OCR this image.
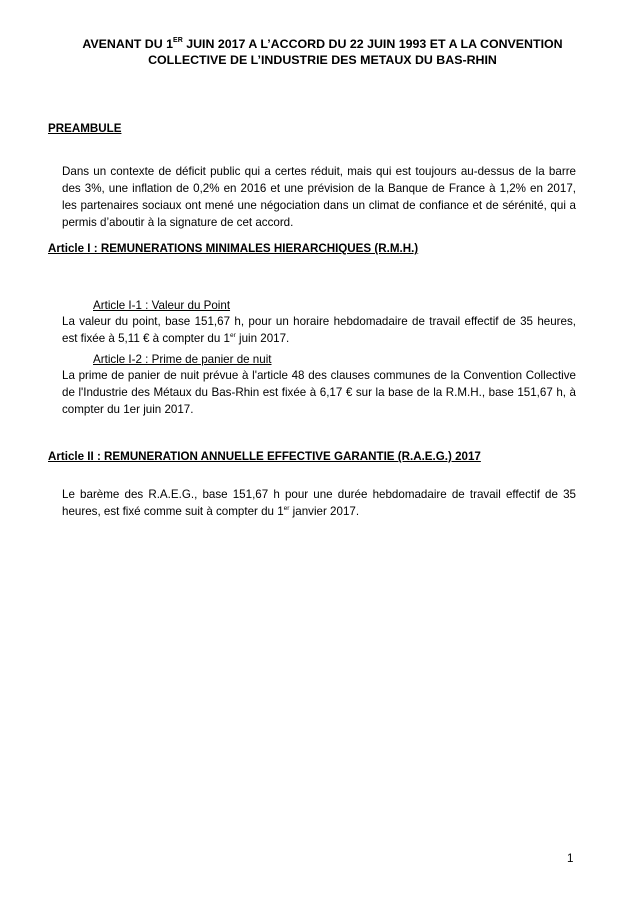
AVENANT DU 1ER JUIN 2017 A L’ACCORD DU 22 JUIN 1993 ET A LA CONVENTION
COLLECTIVE DE L’INDUSTRIE DES METAUX DU BAS-RHIN
PREAMBULE

Dans un contexte de déficit public qui a certes réduit, mais qui est toujours au-dessus de la barre des 3%, une inflation de 0,2% en 2016 et une prévision de la Banque de France à 1,2% en 2017, les partenaires sociaux ont mené une négociation dans un climat de confiance et de sérénité, qui a permis d’aboutir à la signature de cet accord.

Article I : REMUNERATIONS MINIMALES HIERARCHIQUES (R.M.H.)
Article I-1 : Valeur du Point

La valeur du point, base 151,67 h, pour un horaire hebdomadaire de travail effectif de 35 heures, est fixée à 5,11 € à compter du 1er juin 2017.

Article I-2 : Prime de panier de nuit

La prime de panier de nuit prévue à l'article 48 des clauses communes de la Convention Collective de l'Industrie des Métaux du Bas-Rhin est fixée à 6,17 € sur la base de la R.M.H., base 151,67 h, à compter du 1er juin 2017.

Article II : REMUNERATION ANNUELLE EFFECTIVE GARANTIE (R.A.E.G.) 2017

Le barème des R.A.E.G., base 151,67 h pour une durée hebdomadaire de travail effectif de 35 heures, est fixé comme suit à compter du 1er janvier 2017.

1
